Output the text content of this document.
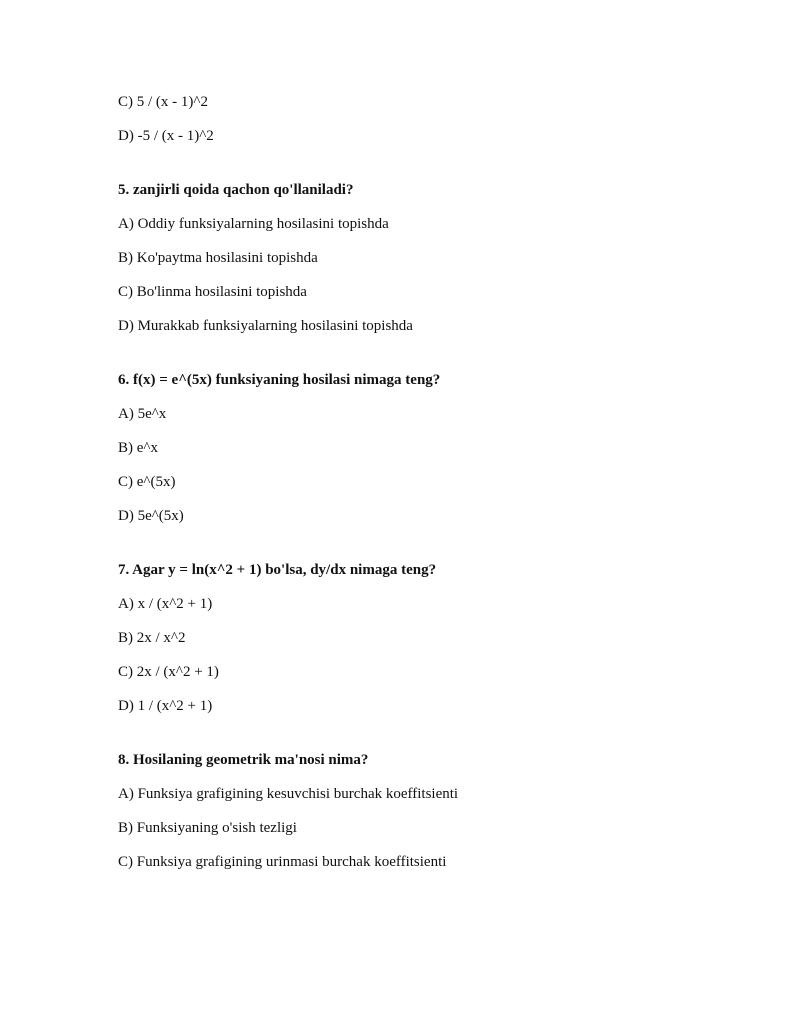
C) 5 / (x - 1)^2
D) -5 / (x - 1)^2
5. zanjirli qoida qachon qo'llaniladi?
A) Oddiy funksiyalarning hosilasini topishda
B) Ko'paytma hosilasini topishda
C) Bo'linma hosilasini topishda
D) Murakkab funksiyalarning hosilasini topishda
6. f(x) = e^(5x) funksiyaning hosilasi nimaga teng?
A) 5e^x
B) e^x
C) e^(5x)
D) 5e^(5x)
7. Agar y = ln(x^2 + 1) bo'lsa, dy/dx nimaga teng?
A) x / (x^2 + 1)
B) 2x / x^2
C) 2x / (x^2 + 1)
D) 1 / (x^2 + 1)
8. Hosilaning geometrik ma'nosi nima?
A) Funksiya grafigining kesuvchisi burchak koeffitsienti
B) Funksiyaning o'sish tezligi
C) Funksiya grafigining urinmasi burchak koeffitsienti
